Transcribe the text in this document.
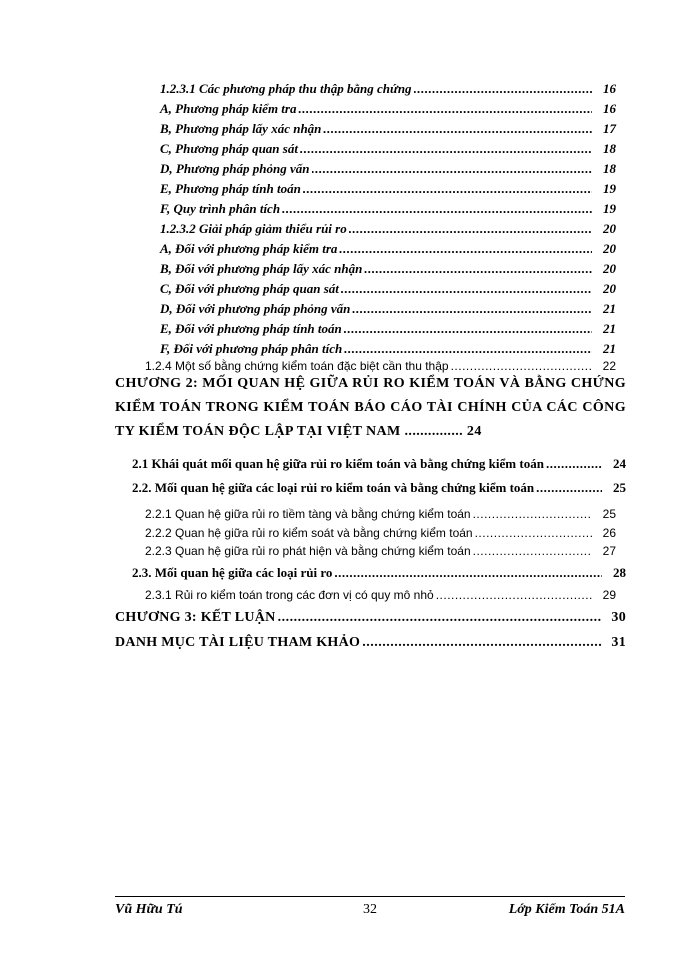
1.2.3.1 Các phương pháp thu thập bằng chứng .....	16
A, Phương pháp kiểm tra .....	16
B, Phương pháp lấy xác nhận .....	17
C, Phương pháp quan sát .....	18
D, Phương pháp phỏng vấn .....	18
E, Phương pháp tính toán .....	19
F, Quy trình phân tích .....	19
1.2.3.2 Giải pháp giảm thiểu rủi ro .....	20
A, Đối với phương pháp kiểm tra .....	20
B, Đối với phương pháp lấy xác nhận .....	20
C, Đối với phương pháp quan sát .....	20
D, Đối với phương pháp phỏng vấn .....	21
E, Đối với phương pháp tính toán .....	21
F, Đối với phương pháp phân tích .....	21
1.2.4 Một số bằng chứng kiểm toán đặc biệt cần thu thập .....	22
CHƯƠNG 2: MỐI QUAN HỆ GIỮA RỦI RO KIỂM TOÁN VÀ BẰNG CHỨNG KIỂM TOÁN TRONG KIỂM TOÁN BÁO CÁO TÀI CHÍNH CỦA CÁC CÔNG TY KIỂM TOÁN ĐỘC LẬP TẠI VIỆT NAM ............... 24
2.1 Khái quát mối quan hệ giữa rủi ro kiểm toán và bằng chứng kiểm toán .....	24
2.2. Mối quan hệ giữa các loại rủi ro kiểm toán và bằng chứng kiểm toán .....	25
2.2.1 Quan hệ giữa rủi ro tiềm tàng và bằng chứng kiểm toán .....	25
2.2.2 Quan hệ giữa rủi ro kiểm soát và bằng chứng kiểm toán .....	26
2.2.3 Quan hệ giữa rủi ro phát hiện và bằng chứng kiểm toán .....	27
2.3. Mối quan hệ giữa các loại rủi ro .....	28
2.3.1 Rủi ro kiểm toán trong các đơn vị có quy mô nhỏ .....	29
CHƯƠNG 3: KẾT LUẬN .....	30
DANH MỤC TÀI LIỆU THAM KHẢO .....	31
Vũ Hữu Tú	32	Lớp Kiểm Toán 51A
